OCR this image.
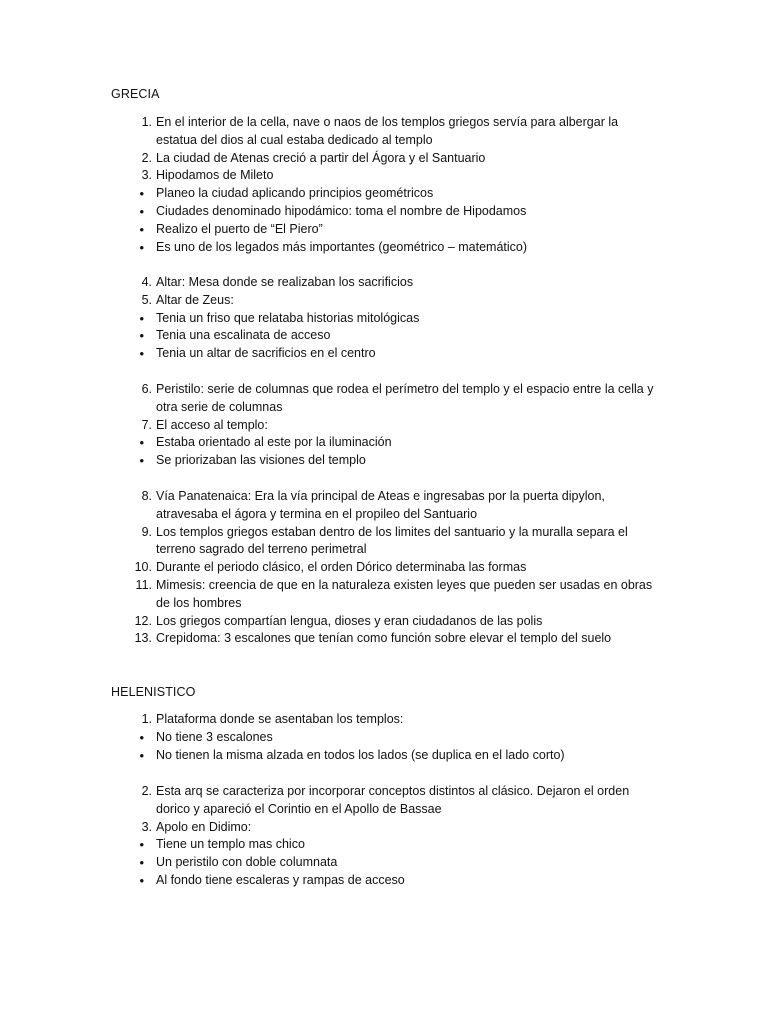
GRECIA
1. En el interior de la cella, nave o naos de los templos griegos servía para albergar la estatua del dios al cual estaba dedicado al templo
2. La ciudad de Atenas creció a partir del Ágora y el Santuario
3. Hipodamos de Mileto
• Planeo la ciudad aplicando principios geométricos
• Ciudades denominado hipodámico: toma el nombre de Hipodamos
• Realizo el puerto de “El Piero”
• Es uno de los legados más importantes (geométrico – matemático)
4. Altar: Mesa donde se realizaban los sacrificios
5. Altar de Zeus:
• Tenia un friso que relataba historias mitológicas
• Tenia una escalinata de acceso
• Tenia un altar de sacrificios en el centro
6. Peristilo: serie de columnas que rodea el perímetro del templo y el espacio entre la cella y otra serie de columnas
7. El acceso al templo:
• Estaba orientado al este por la iluminación
• Se priorizaban las visiones del templo
8. Vía Panatenaica: Era la vía principal de Ateas e ingresabas por la puerta dipylon, atravesaba el ágora y termina en el propileo del Santuario
9. Los templos griegos estaban dentro de los limites del santuario y la muralla separa el terreno sagrado del terreno perimetral
10. Durante el periodo clásico, el orden Dórico determinaba las formas
11. Mimesis: creencia de que en la naturaleza existen leyes que pueden ser usadas en obras de los hombres
12. Los griegos compartían lengua, dioses y eran ciudadanos de las polis
13. Crepidoma: 3 escalones que tenían como función sobre elevar el templo del suelo
HELENISTICO
1. Plataforma donde se asentaban los templos:
• No tiene 3 escalones
• No tienen la misma alzada en todos los lados (se duplica en el lado corto)
2. Esta arq se caracteriza por incorporar conceptos distintos al clásico. Dejaron el orden dorico y apareció el Corintio en el Apollo de Bassae
3. Apolo en Didimo:
• Tiene un templo mas chico
• Un peristilo con doble columnata
• Al fondo tiene escaleras y rampas de acceso
